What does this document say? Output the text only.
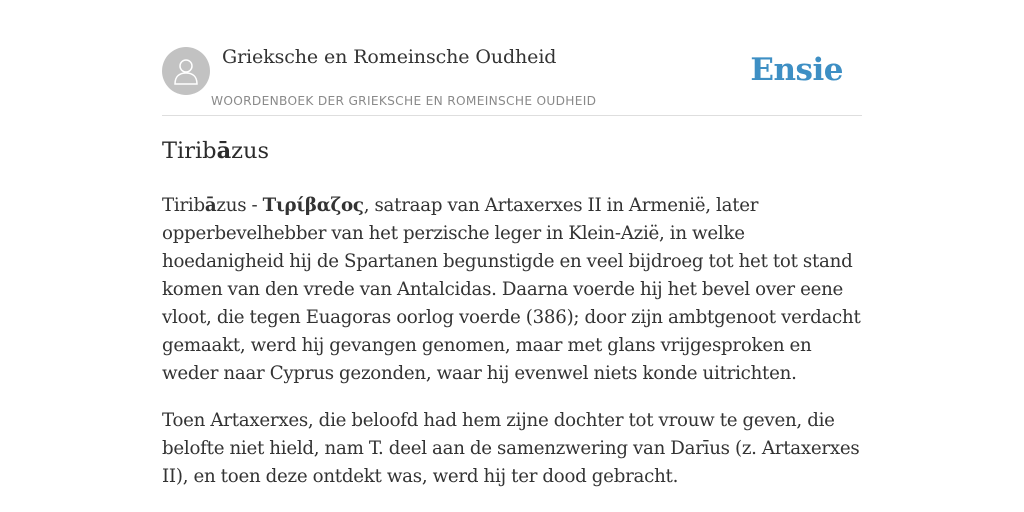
Grieksche en Romeinsche Oudheid
WOORDENBOEK DER GRIEKSCHE EN ROMEINSCHE OUDHEID
Ensie
Tiribāzus

Tiribāzus - Τιρίβαζος, satraap van Artaxerxes II in Armenië, later opperbevelhebber van het perzische leger in Klein-Azië, in welke hoedanigheid hij de Spartanen begunstigde en veel bijdroeg tot het tot stand komen van den vrede van Antalcidas. Daarna voerde hij het bevel over eene vloot, die tegen Euagoras oorlog voerde (386); door zijn ambtgenoot verdacht gemaakt, werd hij gevangen genomen, maar met glans vrijgesproken en weder naar Cyprus gezonden, waar hij evenwel niets konde uitrichten.

Toen Artaxerxes, die beloofd had hem zijne dochter tot vrouw te geven, die belofte niet hield, nam T. deel aan de samenzwering van Darīus (z. Artaxerxes II), en toen deze ontdekt was, werd hij ter dood gebracht.
